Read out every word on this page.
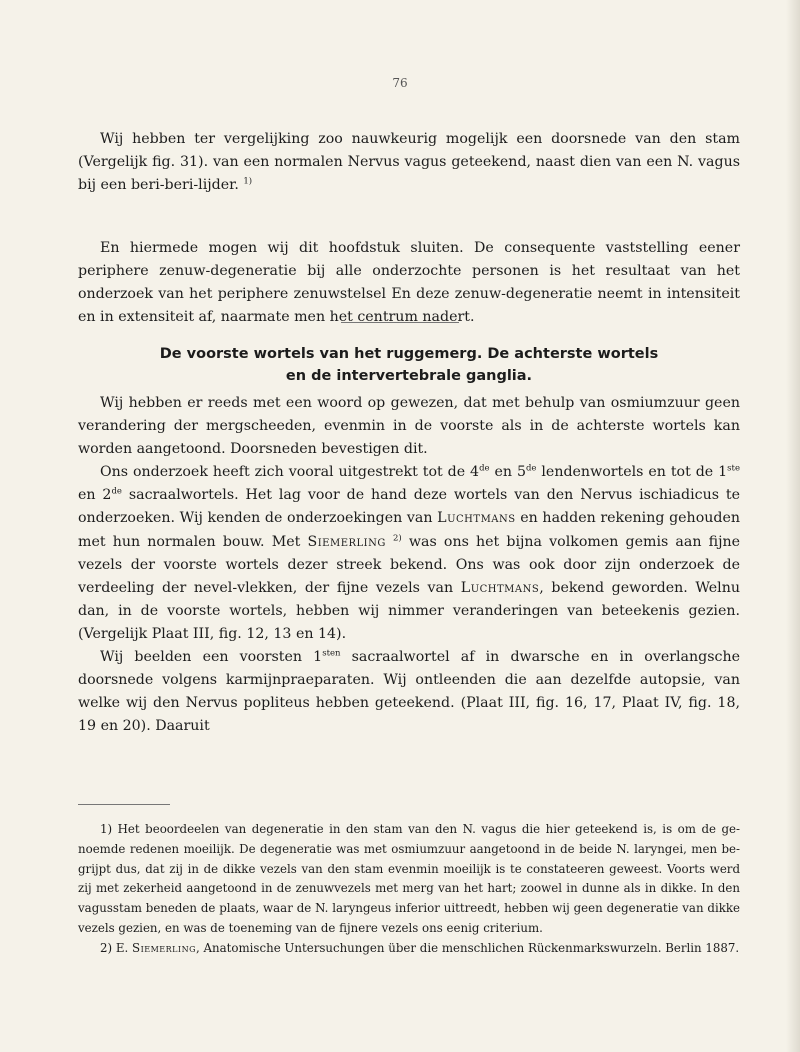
76

Wij hebben ter vergelijking zoo nauwkeurig mogelijk een doorsnede van den stam (Vergelijk fig. 31). van een normalen Nervus vagus geteekend, naast dien van een N. vagus bij een beri-beri-lijder. $^{1)}$

En hiermede mogen wij dit hoofdstuk sluiten. De consequente vaststelling eener periphere zenuw-degeneratie bij alle onderzochte personen is het resultaat van het onderzoek van het periphere zenuwstelsel En deze zenuw-degeneratie neemt in intensiteit en in extensiteit af, naarmate men het centrum nadert.

De voorste wortels van het ruggemerg. De achterste wortels
en de intervertebrale ganglia.

Wij hebben er reeds met een woord op gewezen, dat met behulp van osmiumzuur geen verandering der mergscheeden, evenmin in de voorste als in de achterste wortels kan worden aangetoond. Doorsneden bevestigen dit.

Ons onderzoek heeft zich vooral uitgestrekt tot de 4de en 5de lendenwortels en tot de 1ste en 2de sacraalwortels. Het lag voor de hand deze wortels van den Nervus ischiadicus te onderzoeken. Wij kenden de onderzoekingen van Luchtmans en hadden rekening gehouden met hun normalen bouw. Met Siemerling $^{2)}$ was ons het bijna volkomen gemis aan fijne vezels der voorste wortels dezer streek bekend. Ons was ook door zijn onderzoek de verdeeling der nevel-vlekken, der fijne vezels van Luchtmans, bekend geworden. Welnu dan, in de voorste wortels, hebben wij nimmer veranderingen van beteekenis gezien. (Vergelijk Plaat III, fig. 12, 13 en 14).

Wij beelden een voorsten $1^{sten}$ sacraalwortel af in dwarsche en in overlangsche doorsnede volgens karmijnpraeparaten. Wij ontleenden die aan dezelfde autopsie, van welke wij den Nervus popliteus hebben geteekend. (Plaat III, fig. 16, 17, Plaat IV, fig. 18, 19 en 20). Daaruit

1) Het beoordeelen van degeneratie in den stam van den N. vagus die hier geteekend is, is om de ge-noemde redenen moeilijk. De degeneratie was met osmiumzuur aangetoond in de beide N. laryngei, men be-grijpt dus, dat zij in de dikke vezels van den stam evenmin moeilijk is te constateeren geweest. Voorts werd zij met zekerheid aangetoond in de zenuwvezels met merg van het hart; zoowel in dunne als in dikke. In den vagusstam beneden de plaats, waar de N. laryngeus inferior uittreedt, hebben wij geen degeneratie van dikke vezels gezien, en was de toeneming van de fijnere vezels ons eenig criterium.

2) E. Siemerling, Anatomische Untersuchungen über die menschlichen Rückenmarkswurzeln. Berlin 1887.
